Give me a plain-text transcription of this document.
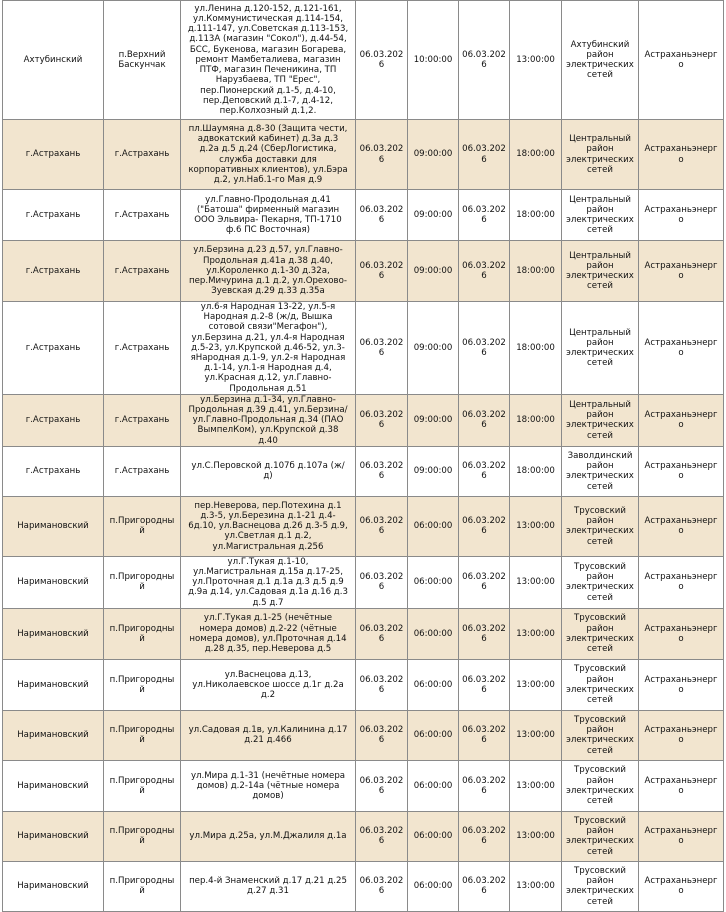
Ахтубинский	п.Верхний Баскунчак	ул.Ленина д.120-152, д.121-161, ул.Коммунистическая д.114-154, д.111-147, ул.Советская д.113-153, д.113А (магазин "Сокол"), д.44-54, БСС, Букенова, магазин Богарева, ремонт Мамбеталиева, магазин ПТФ, магазин Печеникина, ТП Нарузбаева, ТП "Ерес", пер.Пионерский д.1-5, д.4-10, пер.Деповский д.1-7, д.4-12, пер.Колхозный д.1,2.	06.03.2026	10:00:00	06.03.2026	13:00:00	Ахтубинский район электрических сетей	Астраханьэнерго
г.Астрахань	г.Астрахань	пл.Шаумяна д.8-30 (Защита чести, адвокатский кабинет) д.3а д.3 д.2а д.5 д.24 (СберЛогистика, служба доставки для корпоративных клиентов), ул.Бэра д.2, ул.Наб.1-го Мая д.9	06.03.2026	09:00:00	06.03.2026	18:00:00	Центральный район электрических сетей	Астраханьэнерго
г.Астрахань	г.Астрахань	ул.Главно-Продольная д.41 ("Батоша" фирменный магазин ООО Эльвира- Пекарня, ТП-1710 ф.6 ПС Восточная)	06.03.2026	09:00:00	06.03.2026	18:00:00	Центральный район электрических сетей	Астраханьэнерго
г.Астрахань	г.Астрахань	ул.Берзина д.23 д.57, ул.Главно-Продольная д.41а д.38 д.40, ул.Короленко д.1-30 д.32а, пер.Мичурина д.1 д.2, ул.Орехово-Зуевская д.29 д.33 д.35а	06.03.2026	09:00:00	06.03.2026	18:00:00	Центральный район электрических сетей	Астраханьэнерго
г.Астрахань	г.Астрахань	ул.6-я Народная 13-22, ул.5-я Народная д.2-8 (ж/д, Вышка сотовой связи"Мегафон"), ул.Берзина д.21, ул.4-я Народная д.5-23, ул.Крупской д.46-52, ул.3-яНародная д.1-9, ул.2-я Народная д.1-14, ул.1-я Народная д.4, ул.Красная д.12, ул.Главно-Продольная д.51	06.03.2026	09:00:00	06.03.2026	18:00:00	Центральный район электрических сетей	Астраханьэнерго
г.Астрахань	г.Астрахань	ул.Берзина д.1-34, ул.Главно-Продольная д.39 д.41, ул.Берзина/ ул.Главно-Продольная д.34 (ПАО ВымпелКом), ул.Крупской д.38 д.40	06.03.2026	09:00:00	06.03.2026	18:00:00	Центральный район электрических сетей	Астраханьэнерго
г.Астрахань	г.Астрахань	ул.С.Перовской д.107б д.107а (ж/д)	06.03.2026	09:00:00	06.03.2026	18:00:00	Заволдинский район электрических сетей	Астраханьэнерго
Наримановский	п.Пригородный	пер.Неверова, пер.Потехина д.1 д.3-5, ул.Березина д.1-21 д.4-6д.10, ул.Васнецова д.26 д.3-5 д.9, ул.Светлая д.1 д.2, ул.Магистральная д.256	06.03.2026	06:00:00	06.03.2026	13:00:00	Трусовский район электрических сетей	Астраханьэнерго
Наримановский	п.Пригородный	ул.Г.Тукая д.1-10, ул.Магистральная д.15а д.17-25, ул.Проточная д.1 д.1а д.3 д.5 д.9 д.9а д.14, ул.Садовая д.1а д.16 д.3 д.5 д.7	06.03.2026	06:00:00	06.03.2026	13:00:00	Трусовский район электрических сетей	Астраханьэнерго
Наримановский	п.Пригородный	ул.Г.Тукая д.1-25 (нечётные номера домов) д.2-22 (чётные номера домов), ул.Проточная д.14 д.28 д.35, пер.Неверова д.5	06.03.2026	06:00:00	06.03.2026	13:00:00	Трусовский район электрических сетей	Астраханьэнерго
Наримановский	п.Пригородный	ул.Васнецова д.13, ул.Николаевское шоссе д.1г д.2а д.2	06.03.2026	06:00:00	06.03.2026	13:00:00	Трусовский район электрических сетей	Астраханьэнерго
Наримановский	п.Пригородный	ул.Садовая д.1в, ул.Калинина д.17 д.21 д.466	06.03.2026	06:00:00	06.03.2026	13:00:00	Трусовский район электрических сетей	Астраханьэнерго
Наримановский	п.Пригородный	ул.Мира д.1-31 (нечётные номера домов) д.2-14а (чётные номера домов)	06.03.2026	06:00:00	06.03.2026	13:00:00	Трусовский район электрических сетей	Астраханьэнерго
Наримановский	п.Пригородный	ул.Мира д.25а, ул.М.Джалиля д.1а	06.03.2026	06:00:00	06.03.2026	13:00:00	Трусовский район электрических сетей	Астраханьэнерго
Наримановский	п.Пригородный	пер.4-й Знаменский д.17 д.21 д.25 д.27 д.31	06.03.2026	06:00:00	06.03.2026	13:00:00	Трусовский район электрических сетей	Астраханьэнерго
